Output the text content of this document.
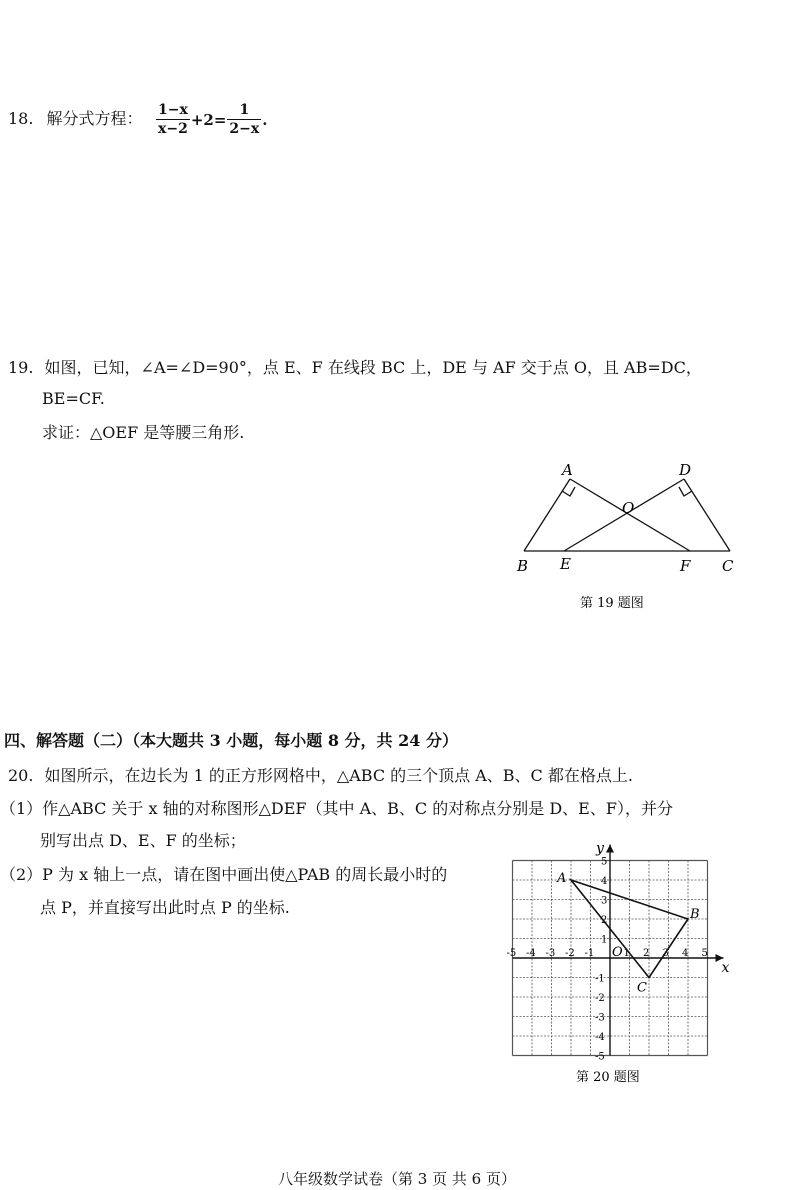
18. 解分式方程： $\frac{1-x}{x-2} +2= \frac{1}{2-x}$ .
19. 如图，已知，∠A=∠D=90°，点 E、F 在线段 BC 上，DE 与 AF 交于点 O，且 AB=DC，
BE=CF.
求证：△OEF 是等腰三角形.
A	D
O
B E	F C
第 19 题图
四、解答题（二）（本大题共 3 小题，每小题 8 分，共 24 分）
20. 如图所示，在边长为 1 的正方形网格中，△ABC 的三个顶点 A、B、C 都在格点上.
（1）作△ABC 关于 x 轴的对称图形△DEF（其中 A、B、C 的对称点分别是 D、E、F），并分
别写出点 D、E、F 的坐标；
（2）P 为 x 轴上一点，请在图中画出使△PAB 的周长最小时的
点 P，并直接写出此时点 P 的坐标.
x
y
O
-5 -4 -3 -2 -1	1 2 3 4 5
5
4
3
2
1
-1
-2
-3
-4
-5
A
B
C
第 20 题图
八年级数学试卷（第 3 页 共 6 页）
